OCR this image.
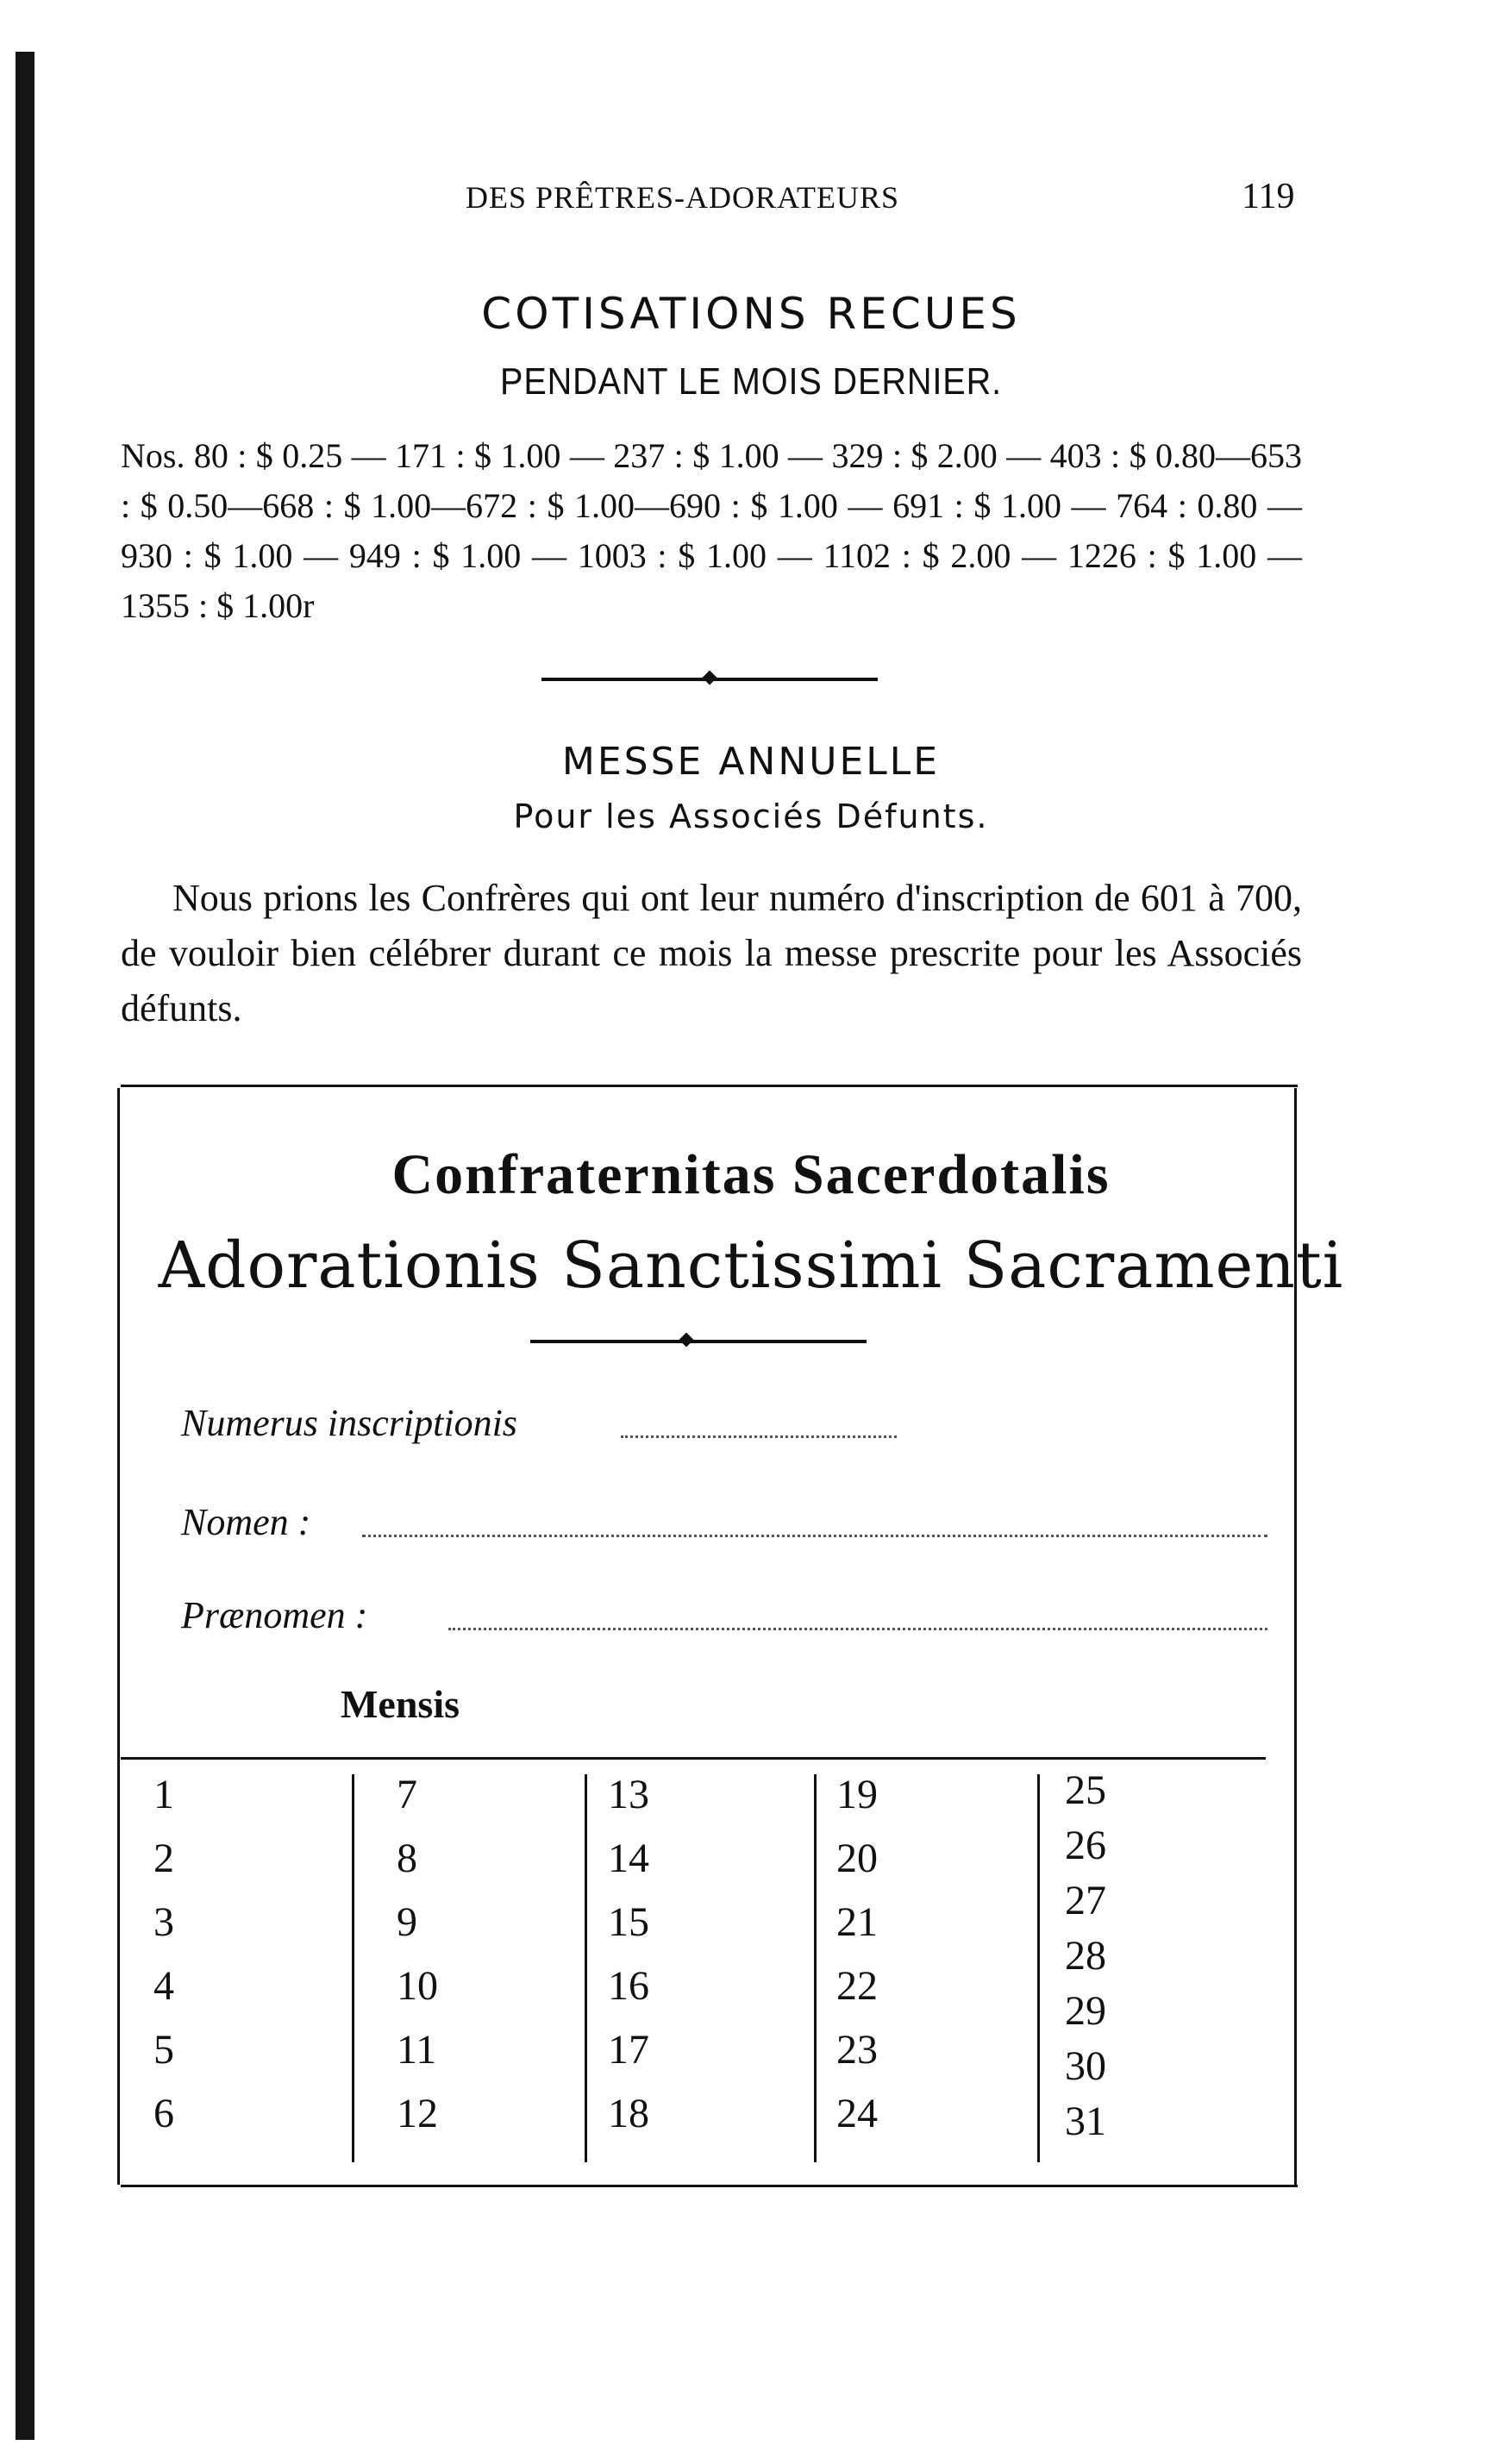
DES PRÊTRES-ADORATEURS	119
COTISATIONS RECUES
PENDANT LE MOIS DERNIER.
Nos. 80 : $ 0.25 — 171 : $ 1.00 — 237 : $ 1.00 — 329 : $ 2.00 — 403 : $ 0.80—653 : $ 0.50—668 : $ 1.00—672 : $ 1.00—690 : $ 1.00 — 691 : $ 1.00 — 764 : 0.80 — 930 : $ 1.00 — 949 : $ 1.00 — 1003 : $ 1.00 — 1102 : $ 2.00 — 1226 : $ 1.00 — 1355 : $ 1.00r
MESSE ANNUELLE
Pour les Associés Défunts.
Nous prions les Confrères qui ont leur numéro d'inscription de 601 à 700, de vouloir bien célébrer durant ce mois la messe prescrite pour les Associés défunts.
Confraternitas Sacerdotalis
Adorationis Sanctissimi Sacramenti
Numerus inscriptionis
Nomen :
Prænomen :
Mensis
1
2
3
4
5
6
7
8
9
10
11
12
13
14
15
16
17
18
19
20
21
22
23
24
25
26
27
28
29
30
31
